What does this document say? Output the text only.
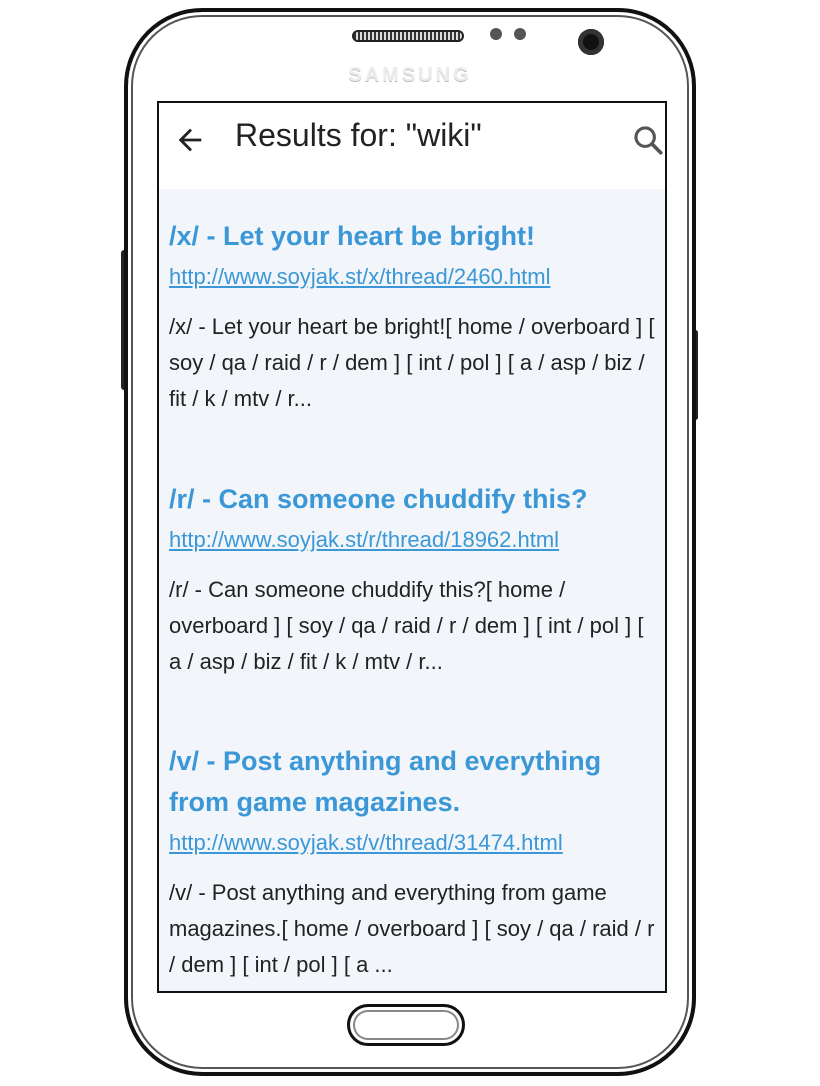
SAMSUNG
Results for: "wiki"
/x/ - Let your heart be bright!
http://www.soyjak.st/x/thread/2460.html
/x/ - Let your heart be bright![ home / overboard ] [ soy / qa / raid / r / dem ] [ int / pol ] [ a / asp / biz / fit / k / mtv / r...
/r/ - Can someone chuddify this?
http://www.soyjak.st/r/thread/18962.html
/r/ - Can someone chuddify this?[ home / overboard ] [ soy / qa / raid / r / dem ] [ int / pol ] [ a / asp / biz / fit / k / mtv / r...
/v/ - Post anything and everything from game magazines.
http://www.soyjak.st/v/thread/31474.html
/v/ - Post anything and everything from game magazines.[ home / overboard ] [ soy / qa / raid / r / dem ] [ int / pol ] [ a ...
